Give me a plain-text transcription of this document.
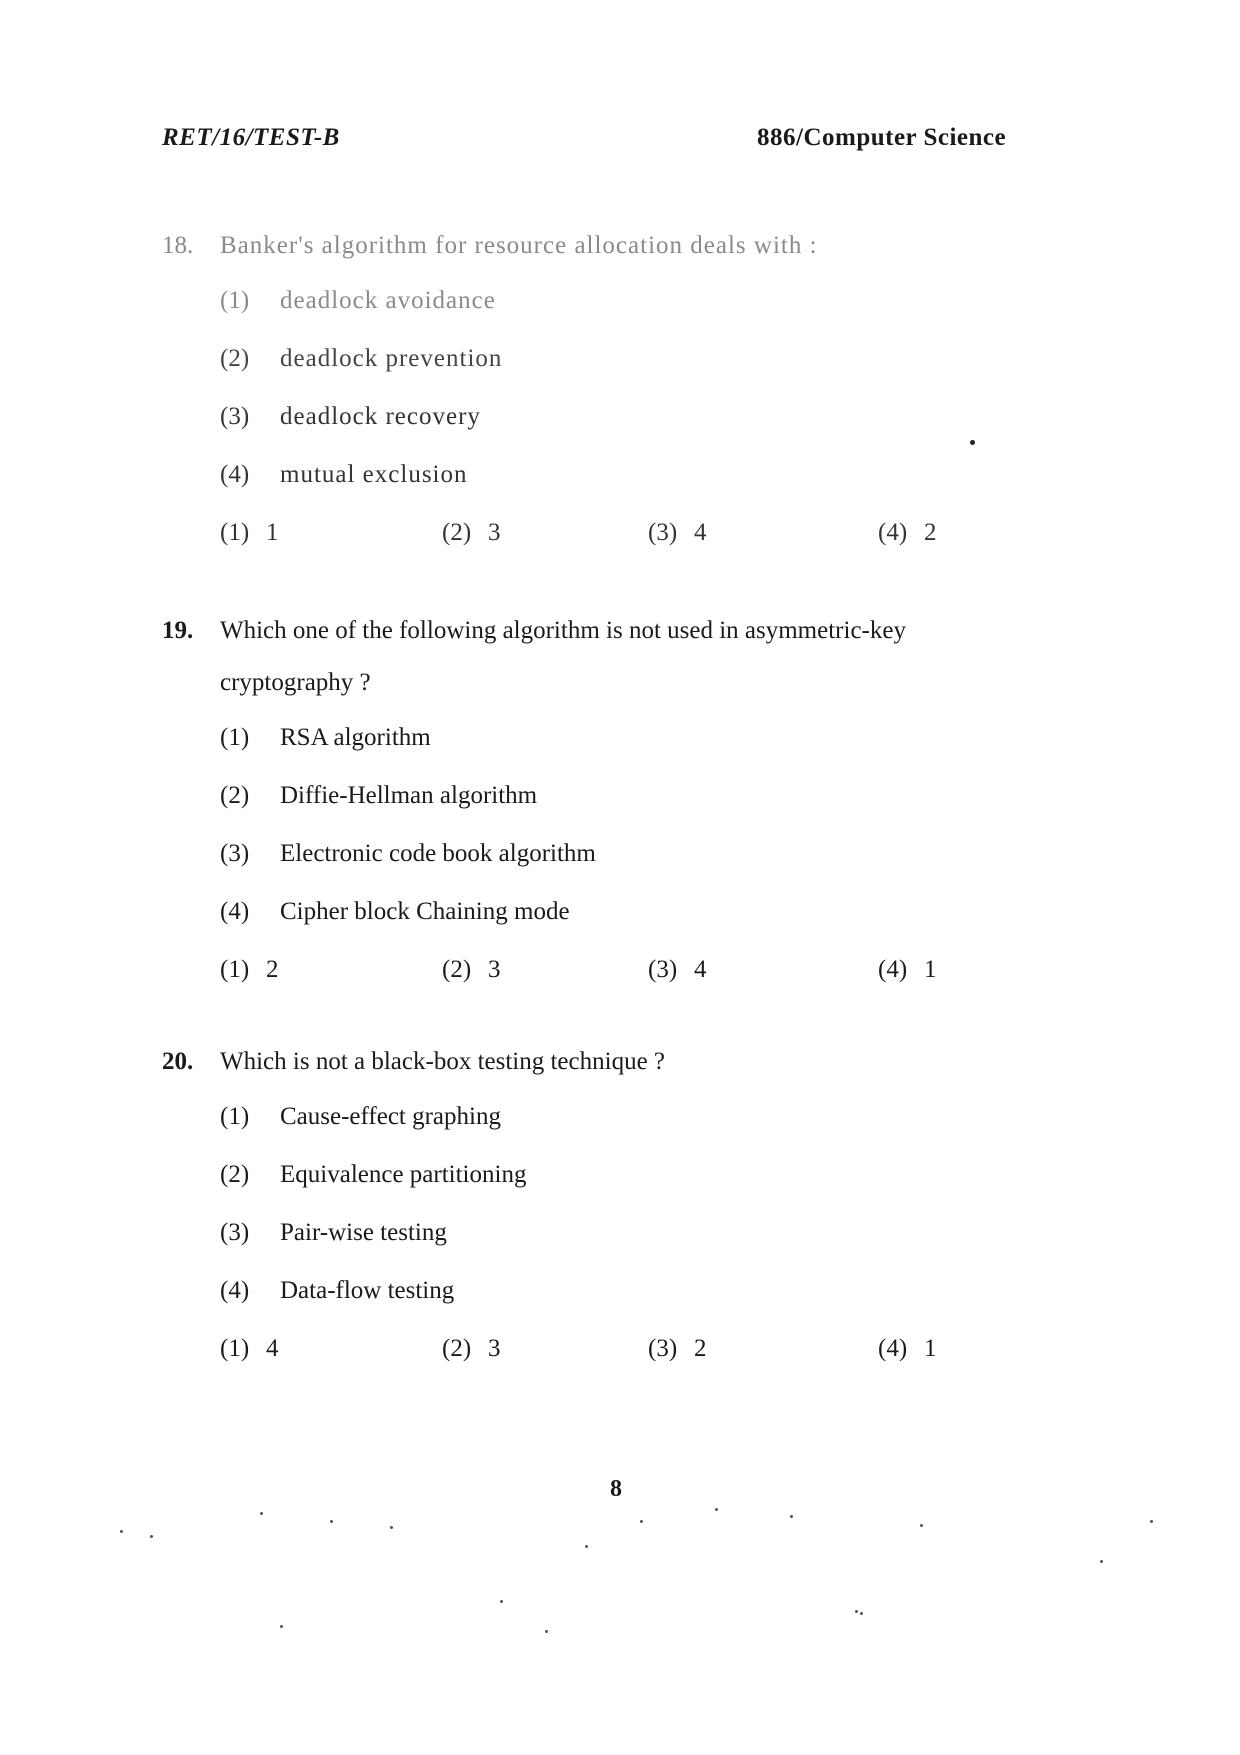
RET/16/TEST-B	886/Computer Science
18. Banker's algorithm for resource allocation deals with :
(1) deadlock avoidance
(2) deadlock prevention
(3) deadlock recovery
(4) mutual exclusion
(1) 1	(2) 3	(3) 4	(4) 2
19. Which one of the following algorithm is not used in asymmetric-key
cryptography ?
(1) RSA algorithm
(2) Diffie-Hellman algorithm
(3) Electronic code book algorithm
(4) Cipher block Chaining mode
(1) 2	(2) 3	(3) 4	(4) 1
20. Which is not a black-box testing technique ?
(1) Cause-effect graphing
(2) Equivalence partitioning
(3) Pair-wise testing
(4) Data-flow testing
(1) 4	(2) 3	(3) 2	(4) 1
8
